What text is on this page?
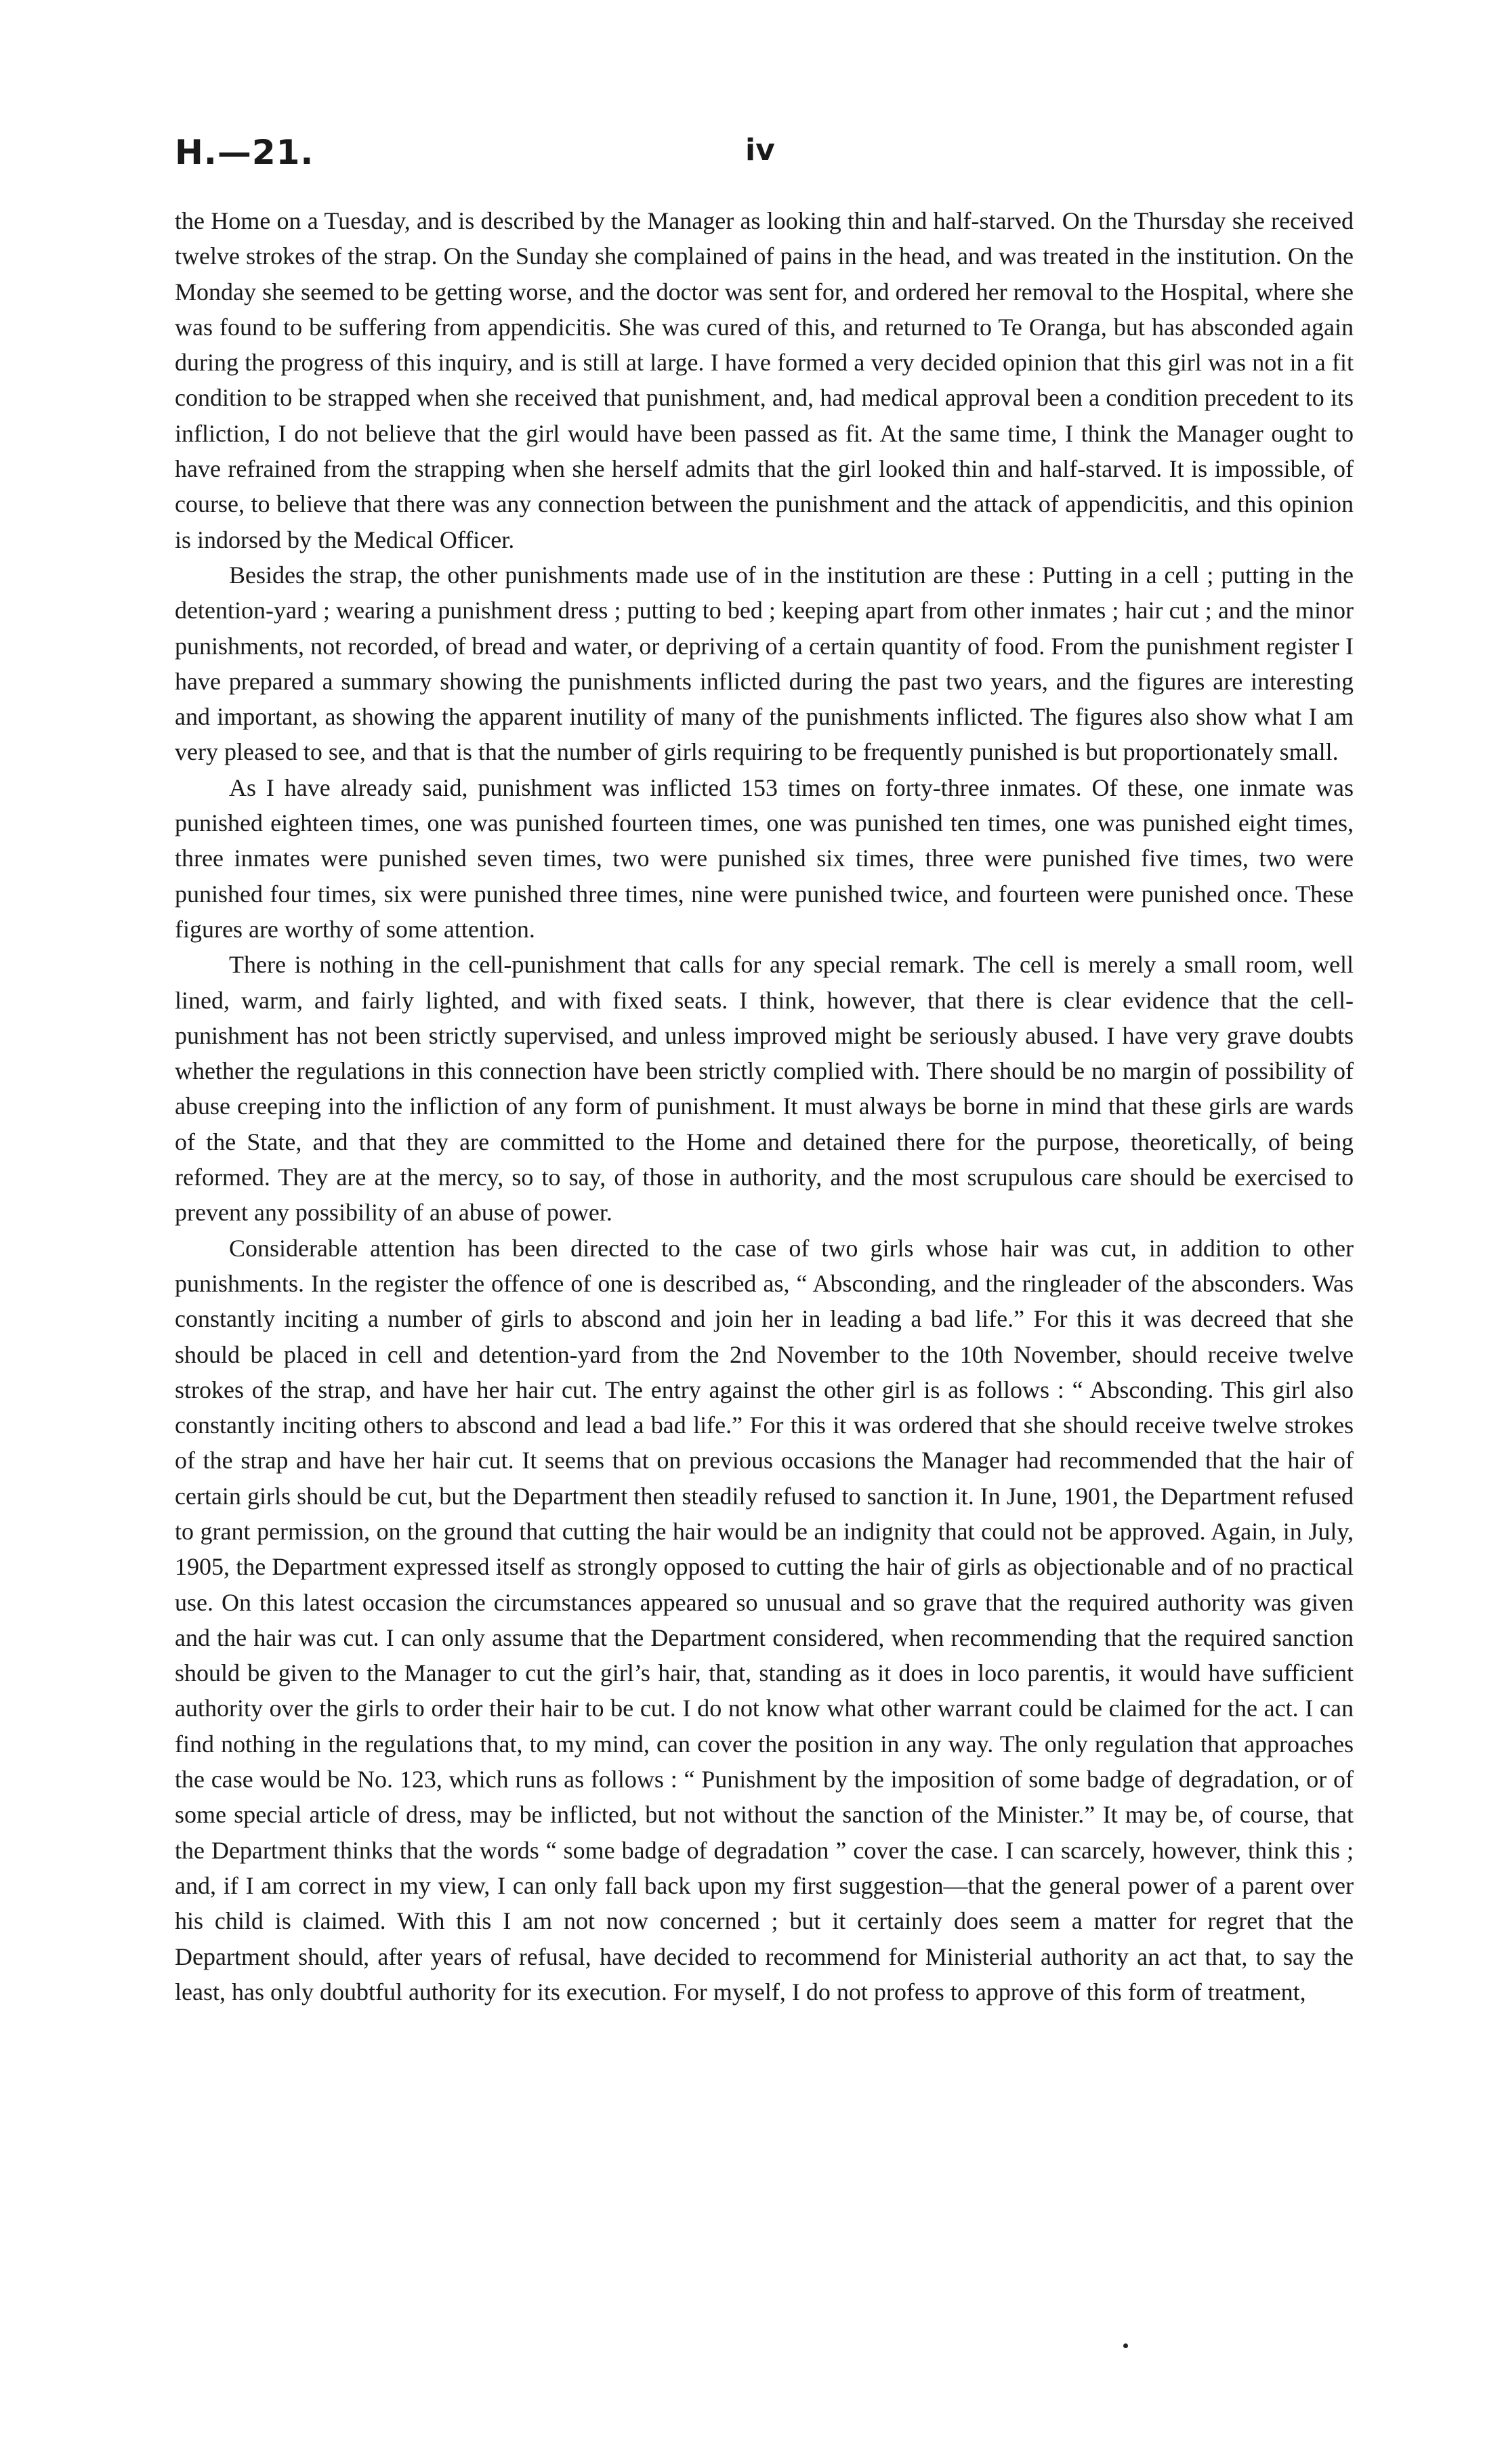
H.—21.	iv

the Home on a Tuesday, and is described by the Manager as looking thin and half-starved. On the Thursday she received twelve strokes of the strap. On the Sunday she complained of pains in the head, and was treated in the institution. On the Monday she seemed to be getting worse, and the doctor was sent for, and ordered her removal to the Hospital, where she was found to be suffering from appendicitis. She was cured of this, and returned to Te Oranga, but has absconded again during the progress of this inquiry, and is still at large. I have formed a very decided opinion that this girl was not in a fit condition to be strapped when she received that punishment, and, had medical approval been a condition precedent to its infliction, I do not believe that the girl would have been passed as fit. At the same time, I think the Manager ought to have refrained from the strapping when she herself admits that the girl looked thin and half-starved. It is impossible, of course, to believe that there was any connection between the punishment and the attack of appendicitis, and this opinion is indorsed by the Medical Officer.

Besides the strap, the other punishments made use of in the institution are these : Putting in a cell ; putting in the detention-yard ; wearing a punishment dress ; putting to bed ; keeping apart from other inmates ; hair cut ; and the minor punishments, not recorded, of bread and water, or depriving of a certain quantity of food. From the punishment register I have prepared a summary showing the punishments inflicted during the past two years, and the figures are interesting and important, as showing the apparent inutility of many of the punishments inflicted. The figures also show what I am very pleased to see, and that is that the number of girls requiring to be frequently punished is but proportionately small.

As I have already said, punishment was inflicted 153 times on forty-three inmates. Of these, one inmate was punished eighteen times, one was punished fourteen times, one was punished ten times, one was punished eight times, three inmates were punished seven times, two were punished six times, three were punished five times, two were punished four times, six were punished three times, nine were punished twice, and fourteen were punished once. These figures are worthy of some attention.

There is nothing in the cell-punishment that calls for any special remark. The cell is merely a small room, well lined, warm, and fairly lighted, and with fixed seats. I think, however, that there is clear evidence that the cell-punishment has not been strictly supervised, and unless improved might be seriously abused. I have very grave doubts whether the regulations in this connection have been strictly complied with. There should be no margin of possibility of abuse creeping into the infliction of any form of punishment. It must always be borne in mind that these girls are wards of the State, and that they are committed to the Home and detained there for the purpose, theoretically, of being reformed. They are at the mercy, so to say, of those in authority, and the most scrupulous care should be exercised to prevent any possibility of an abuse of power.

Considerable attention has been directed to the case of two girls whose hair was cut, in addition to other punishments. In the register the offence of one is described as, “ Absconding, and the ringleader of the absconders. Was constantly inciting a number of girls to abscond and join her in leading a bad life.” For this it was decreed that she should be placed in cell and detention-yard from the 2nd November to the 10th November, should receive twelve strokes of the strap, and have her hair cut. The entry against the other girl is as follows : “ Absconding. This girl also constantly inciting others to abscond and lead a bad life.” For this it was ordered that she should receive twelve strokes of the strap and have her hair cut. It seems that on previous occasions the Manager had recommended that the hair of certain girls should be cut, but the Department then steadily refused to sanction it. In June, 1901, the Department refused to grant permission, on the ground that cutting the hair would be an indignity that could not be approved. Again, in July, 1905, the Department expressed itself as strongly opposed to cutting the hair of girls as objectionable and of no practical use. On this latest occasion the circumstances appeared so unusual and so grave that the required authority was given and the hair was cut. I can only assume that the Department considered, when recommending that the required sanction should be given to the Manager to cut the girl’s hair, that, standing as it does in loco parentis, it would have sufficient authority over the girls to order their hair to be cut. I do not know what other warrant could be claimed for the act. I can find nothing in the regulations that, to my mind, can cover the position in any way. The only regulation that approaches the case would be No. 123, which runs as follows : “ Punishment by the imposition of some badge of degradation, or of some special article of dress, may be inflicted, but not without the sanction of the Minister.” It may be, of course, that the Department thinks that the words “ some badge of degradation ” cover the case. I can scarcely, however, think this ; and, if I am correct in my view, I can only fall back upon my first suggestion—that the general power of a parent over his child is claimed. With this I am not now concerned ; but it certainly does seem a matter for regret that the Department should, after years of refusal, have decided to recommend for Ministerial authority an act that, to say the least, has only doubtful authority for its execution. For myself, I do not profess to approve of this form of treatment,
